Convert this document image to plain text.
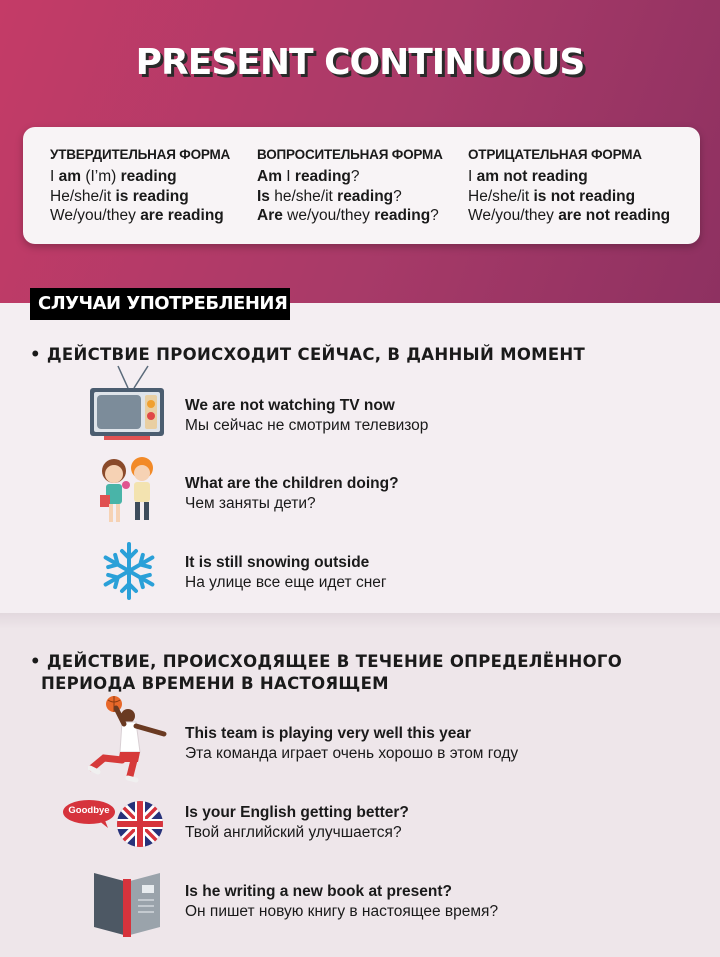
PRESENT CONTINUOUS
УТВЕРДИТЕЛЬНАЯ ФОРМА
I am (I’m) reading
He/she/it is reading
We/you/they are reading
ВОПРОСИТЕЛЬНАЯ ФОРМА
Am I reading?
Is he/she/it reading?
Are we/you/they reading?
ОТРИЦАТЕЛЬНАЯ ФОРМА
I am not reading
He/she/it is not reading
We/you/they are not reading
СЛУЧАИ УПОТРЕБЛЕНИЯ
• ДЕЙСТВИЕ ПРОИСХОДИТ СЕЙЧАС, В ДАННЫЙ МОМЕНТ
We are not watching TV now
Мы сейчас не смотрим телевизор
What are the children doing?
Чем заняты дети?
It is still snowing outside
На улице все еще идет снег
• ДЕЙСТВИЕ, ПРОИСХОДЯЩЕЕ В ТЕЧЕНИЕ ОПРЕДЕЛЁННОГО
ПЕРИОДА ВРЕМЕНИ В НАСТОЯЩЕМ
This team is playing very well this year
Эта команда играет очень хорошо в этом году
Goodbye	Is your English getting better?
Твой английский улучшается?
Is he writing a new book at present?
Он пишет новую книгу в настоящее время?
